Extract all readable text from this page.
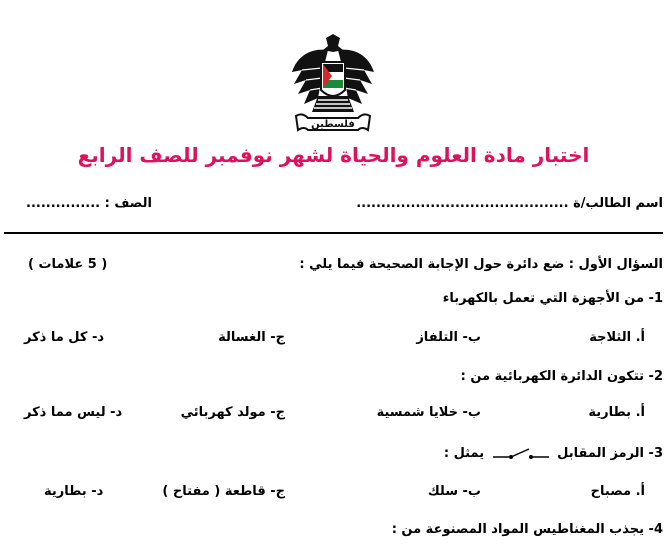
فلسطين
اختبار مادة العلوم والحياة لشهر نوفمبر للصف الرابع
اسم الطالب/ة ...........................................
الصف : ...............
السؤال الأول : ضع دائرة حول الإجابة الصحيحة فيما يلي :
( 5 علامات )
1- من الأجهزة التي تعمل بالكهرباء
أ. الثلاجة
ب- التلفاز
ج- الغسالة
د- كل ما ذكر
2- تتكون الدائرة الكهربائية من :
أ. بطارية
ب- خلايا شمسية
ج- مولد كهربائي
د- ليس مما ذكر
3- الرمز المقابل  يمثل :
أ. مصباح
ب- سلك
ج- قاطعة ( مفتاح )
د- بطارية
4- يجذب المغناطيس المواد المصنوعة من :
